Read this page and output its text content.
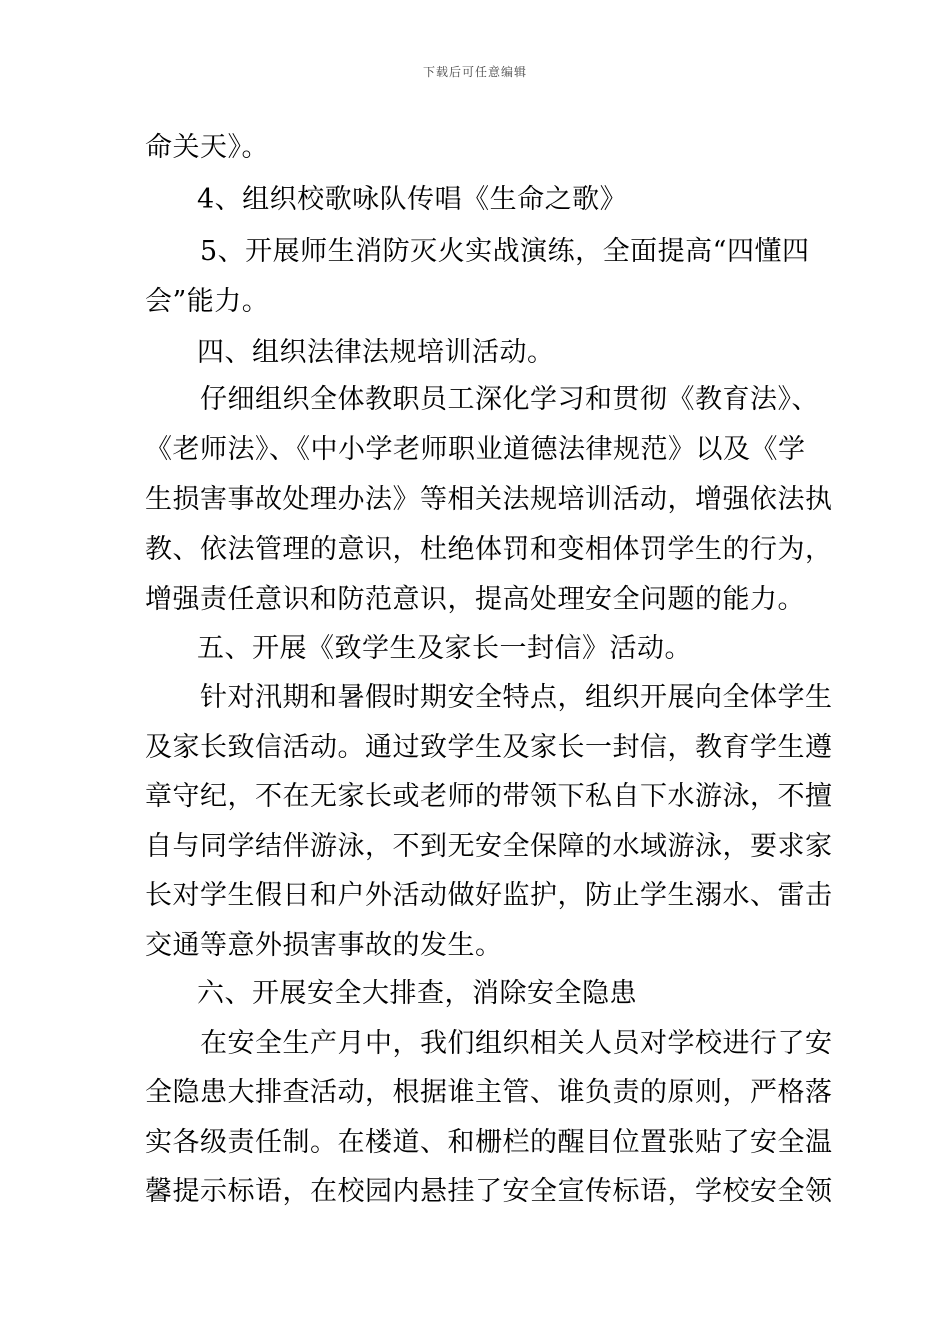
下载后可任意编辑
命关天》。
4、组织校歌咏队传唱《生命之歌》
5、开展师生消防灭火实战演练，全面提高“四懂四
会”能力。
四、组织法律法规培训活动。
仔细组织全体教职员工深化学习和贯彻《教育法》、
《老师法》、《中小学老师职业道德法律规范》以及《学
生损害事故处理办法》等相关法规培训活动，增强依法执
教、依法管理的意识，杜绝体罚和变相体罚学生的行为，
增强责任意识和防范意识，提高处理安全问题的能力。
五、开展《致学生及家长一封信》活动。
针对汛期和暑假时期安全特点，组织开展向全体学生
及家长致信活动。通过致学生及家长一封信，教育学生遵
章守纪，不在无家长或老师的带领下私自下水游泳，不擅
自与同学结伴游泳，不到无安全保障的水域游泳，要求家
长对学生假日和户外活动做好监护，防止学生溺水、雷击
交通等意外损害事故的发生。
六、开展安全大排查，消除安全隐患
在安全生产月中，我们组织相关人员对学校进行了安
全隐患大排查活动，根据谁主管、谁负责的原则，严格落
实各级责任制。在楼道、和栅栏的醒目位置张贴了安全温
馨提示标语，在校园内悬挂了安全宣传标语，学校安全领
